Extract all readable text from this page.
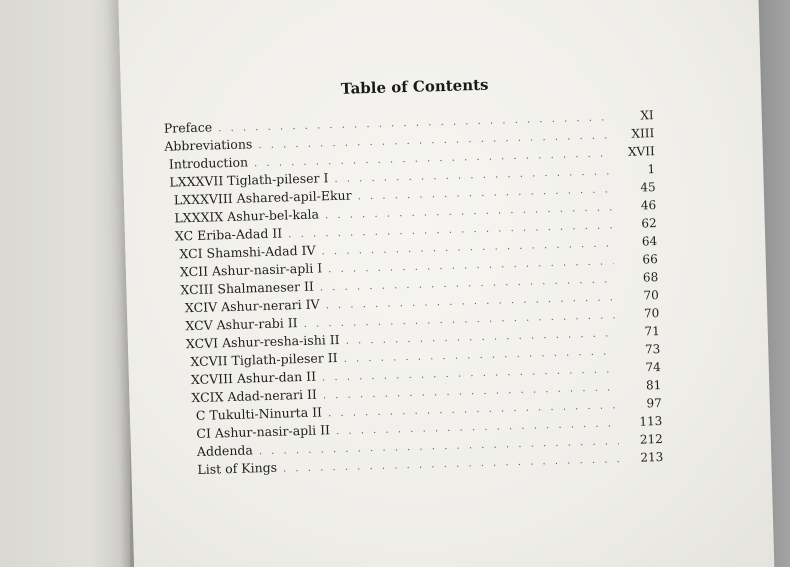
Table of Contents
Preface
. . .
XI
Abbreviations
. . .
XIII
Introduction
. . .
XVII
LXXXVII Tiglath-pileser I
. . .
1
LXXXVIII Ashared-apil-Ekur
. . .
45
LXXXIX Ashur-bel-kala
. . .
46
XC Eriba-Adad II
. . .
62
XCI Shamshi-Adad IV
. . .
64
XCII Ashur-nasir-apli I
. . .
66
XCIII Shalmaneser II
. . .
68
XCIV Ashur-nerari IV
. . .
70
XCV Ashur-rabi II
. . .
70
XCVI Ashur-resha-ishi II
. . .
71
XCVII Tiglath-pileser II
. . .
73
XCVIII Ashur-dan II
. . .
74
XCIX Adad-nerari II
. . .
81
C Tukulti-Ninurta II
. . .
97
CI Ashur-nasir-apli II
. . .
113
Addenda
. . .
212
List of Kings
. . .
213
